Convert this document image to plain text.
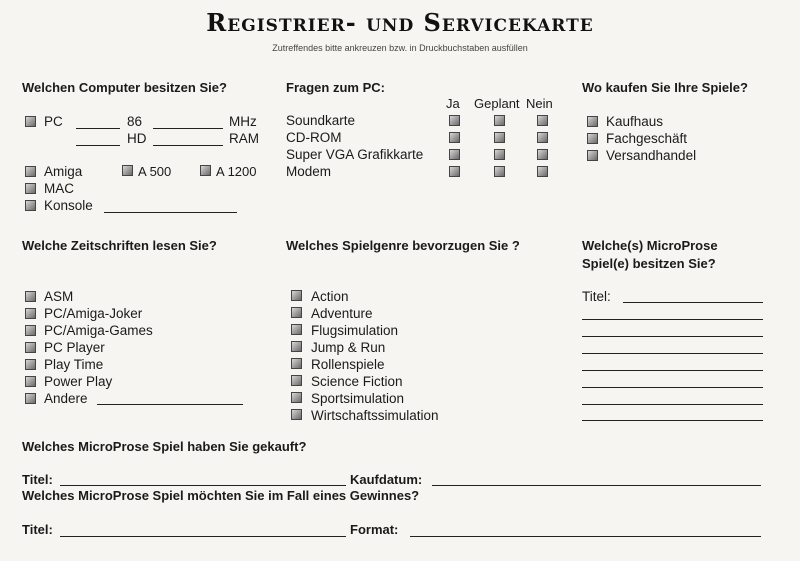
Registrier- und Servicekarte
Zutreffendes bitte ankreuzen bzw. in Druckbuchstaben ausfüllen
Welchen Computer besitzen Sie?
PC	86	MHz
HD	RAM
Amiga	A 500	A 1200
MAC
Konsole
Fragen zum PC:
Ja Geplant Nein
Soundkarte
CD-ROM
Super VGA Grafikkarte
Modem
Wo kaufen Sie Ihre Spiele?
Kaufhaus
Fachgeschäft
Versandhandel
Welche Zeitschriften lesen Sie?
ASM
PC/Amiga-Joker
PC/Amiga-Games
PC Player
Play Time
Power Play
Andere
Welches Spielgenre bevorzugen Sie ?
Action
Adventure
Flugsimulation
Jump & Run
Rollenspiele
Science Fiction
Sportsimulation
Wirtschaftssimulation
Welche(s) MicroProse
Spiel(e) besitzen Sie?
Titel:
Welches MicroProse Spiel haben Sie gekauft?
Titel:	Kaufdatum:
Welches MicroProse Spiel möchten Sie im Fall eines Gewinnes?
Titel:	Format:
